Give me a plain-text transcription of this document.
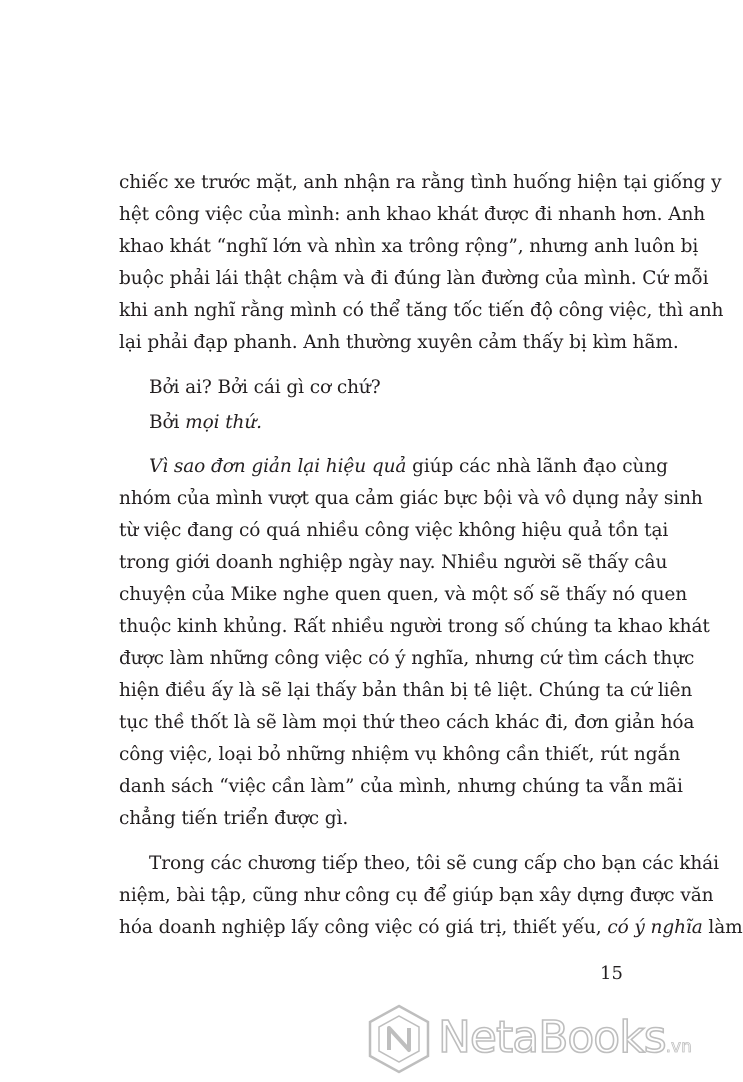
chiếc xe trước mặt, anh nhận ra rằng tình huống hiện tại giống y
hệt công việc của mình: anh khao khát được đi nhanh hơn. Anh
khao khát “nghĩ lớn và nhìn xa trông rộng”, nhưng anh luôn bị
buộc phải lái thật chậm và đi đúng làn đường của mình. Cứ mỗi
khi anh nghĩ rằng mình có thể tăng tốc tiến độ công việc, thì anh
lại phải đạp phanh. Anh thường xuyên cảm thấy bị kìm hãm.
Bởi ai? Bởi cái gì cơ chứ?
Bởi mọi thứ.
Vì sao đơn giản lại hiệu quả giúp các nhà lãnh đạo cùng
nhóm của mình vượt qua cảm giác bực bội và vô dụng nảy sinh
từ việc đang có quá nhiều công việc không hiệu quả tồn tại
trong giới doanh nghiệp ngày nay. Nhiều người sẽ thấy câu
chuyện của Mike nghe quen quen, và một số sẽ thấy nó quen
thuộc kinh khủng. Rất nhiều người trong số chúng ta khao khát
được làm những công việc có ý nghĩa, nhưng cứ tìm cách thực
hiện điều ấy là sẽ lại thấy bản thân bị tê liệt. Chúng ta cứ liên
tục thề thốt là sẽ làm mọi thứ theo cách khác đi, đơn giản hóa
công việc, loại bỏ những nhiệm vụ không cần thiết, rút ngắn
danh sách “việc cần làm” của mình, nhưng chúng ta vẫn mãi
chẳng tiến triển được gì.
Trong các chương tiếp theo, tôi sẽ cung cấp cho bạn các khái
niệm, bài tập, cũng như công cụ để giúp bạn xây dựng được văn
hóa doanh nghiệp lấy công việc có giá trị, thiết yếu, có ý nghĩa làm
15
NetaBooks.vn
